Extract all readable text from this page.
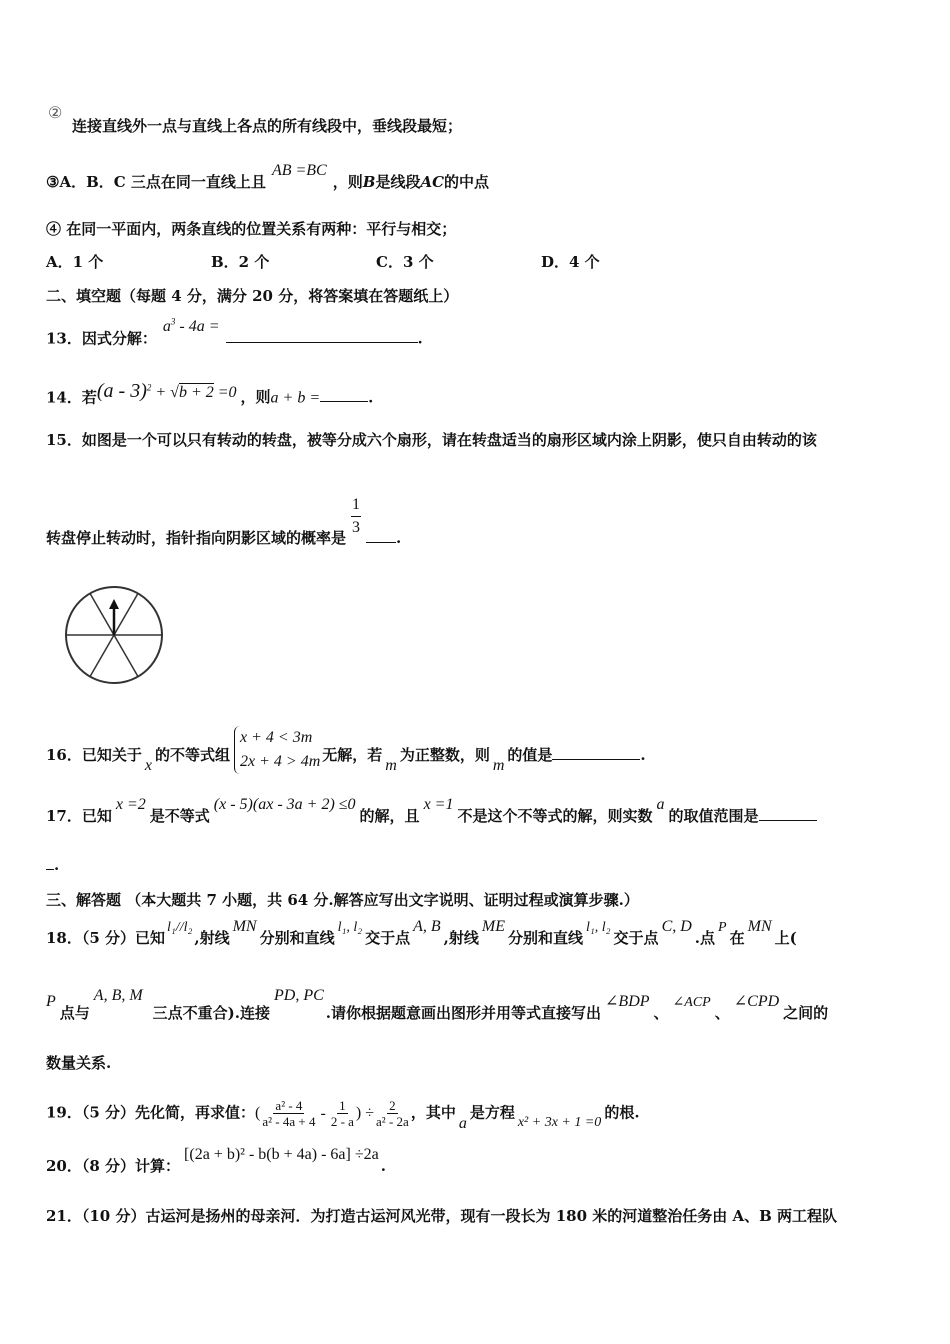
②
连接直线外一点与直线上各点的所有线段中，垂线段最短；
③A．B．C 三点在同一直线上且AB =BC，则B是线段AC的中点
④ 在同一平面内，两条直线的位置关系有两种：平行与相交；
A．1 个	B．2 个	C．3 个	D．4 个
二、填空题（每题 4 分，满分 20 分，将答案填在答题纸上）
13．因式分解：$a^3 - 4a$ =.
14．若(a - 3)$^2$ + √b + 2 =0 ，则a + b =	.
15．如图是一个可以只有转动的转盘，被等分成六个扇形，请在转盘适当的扇形区域内涂上阴影，使只自由转动的该
转盘停止转动时，指针指向阴影区域的概率是 $\frac{1}{3}$ .
16．已知关于x的不等式组
x + 4 < 3m
2x + 4 > 4m 无解，若m为正整数，则m的值是	.
17．已知x =2是不等式(x - 5)(ax - 3a + 2) ≤0的解，且x =1不是这个不等式的解，则实数a的取值范围是
.
三、解答题 （本大题共 7 小题，共 64 分.解答应写出文字说明、证明过程或演算步骤.）
18．（5 分）已知l₁//l₂,射线MN分别和直线l₁, l₂交于点A, B,射线ME分别和直线l₁, l₂交于点C, D.点P在MN上(
P点与A, B, M三点不重合).连接PD, PC.请你根据题意画出图形并用等式直接写出∠BDP、∠ACP、∠CPD之间的
数量关系.
19．（5 分）先化简，再求值：( $\frac{\text{a² - 4}}{\text{a² - 4a + 4}} - \frac{1}{2 - a}$ ) ÷ $\frac{2}{\text{a² - 2a}}$ ，其中a是方程x² + 3x + 1 =0的根.
20．（8 分）计算：[(2a + b)² - b(b + 4a) - 6a] ÷2a.
21．（10 分）古运河是扬州的母亲河．为打造古运河风光带，现有一段长为 180 米的河道整治任务由 A、B 两工程队
